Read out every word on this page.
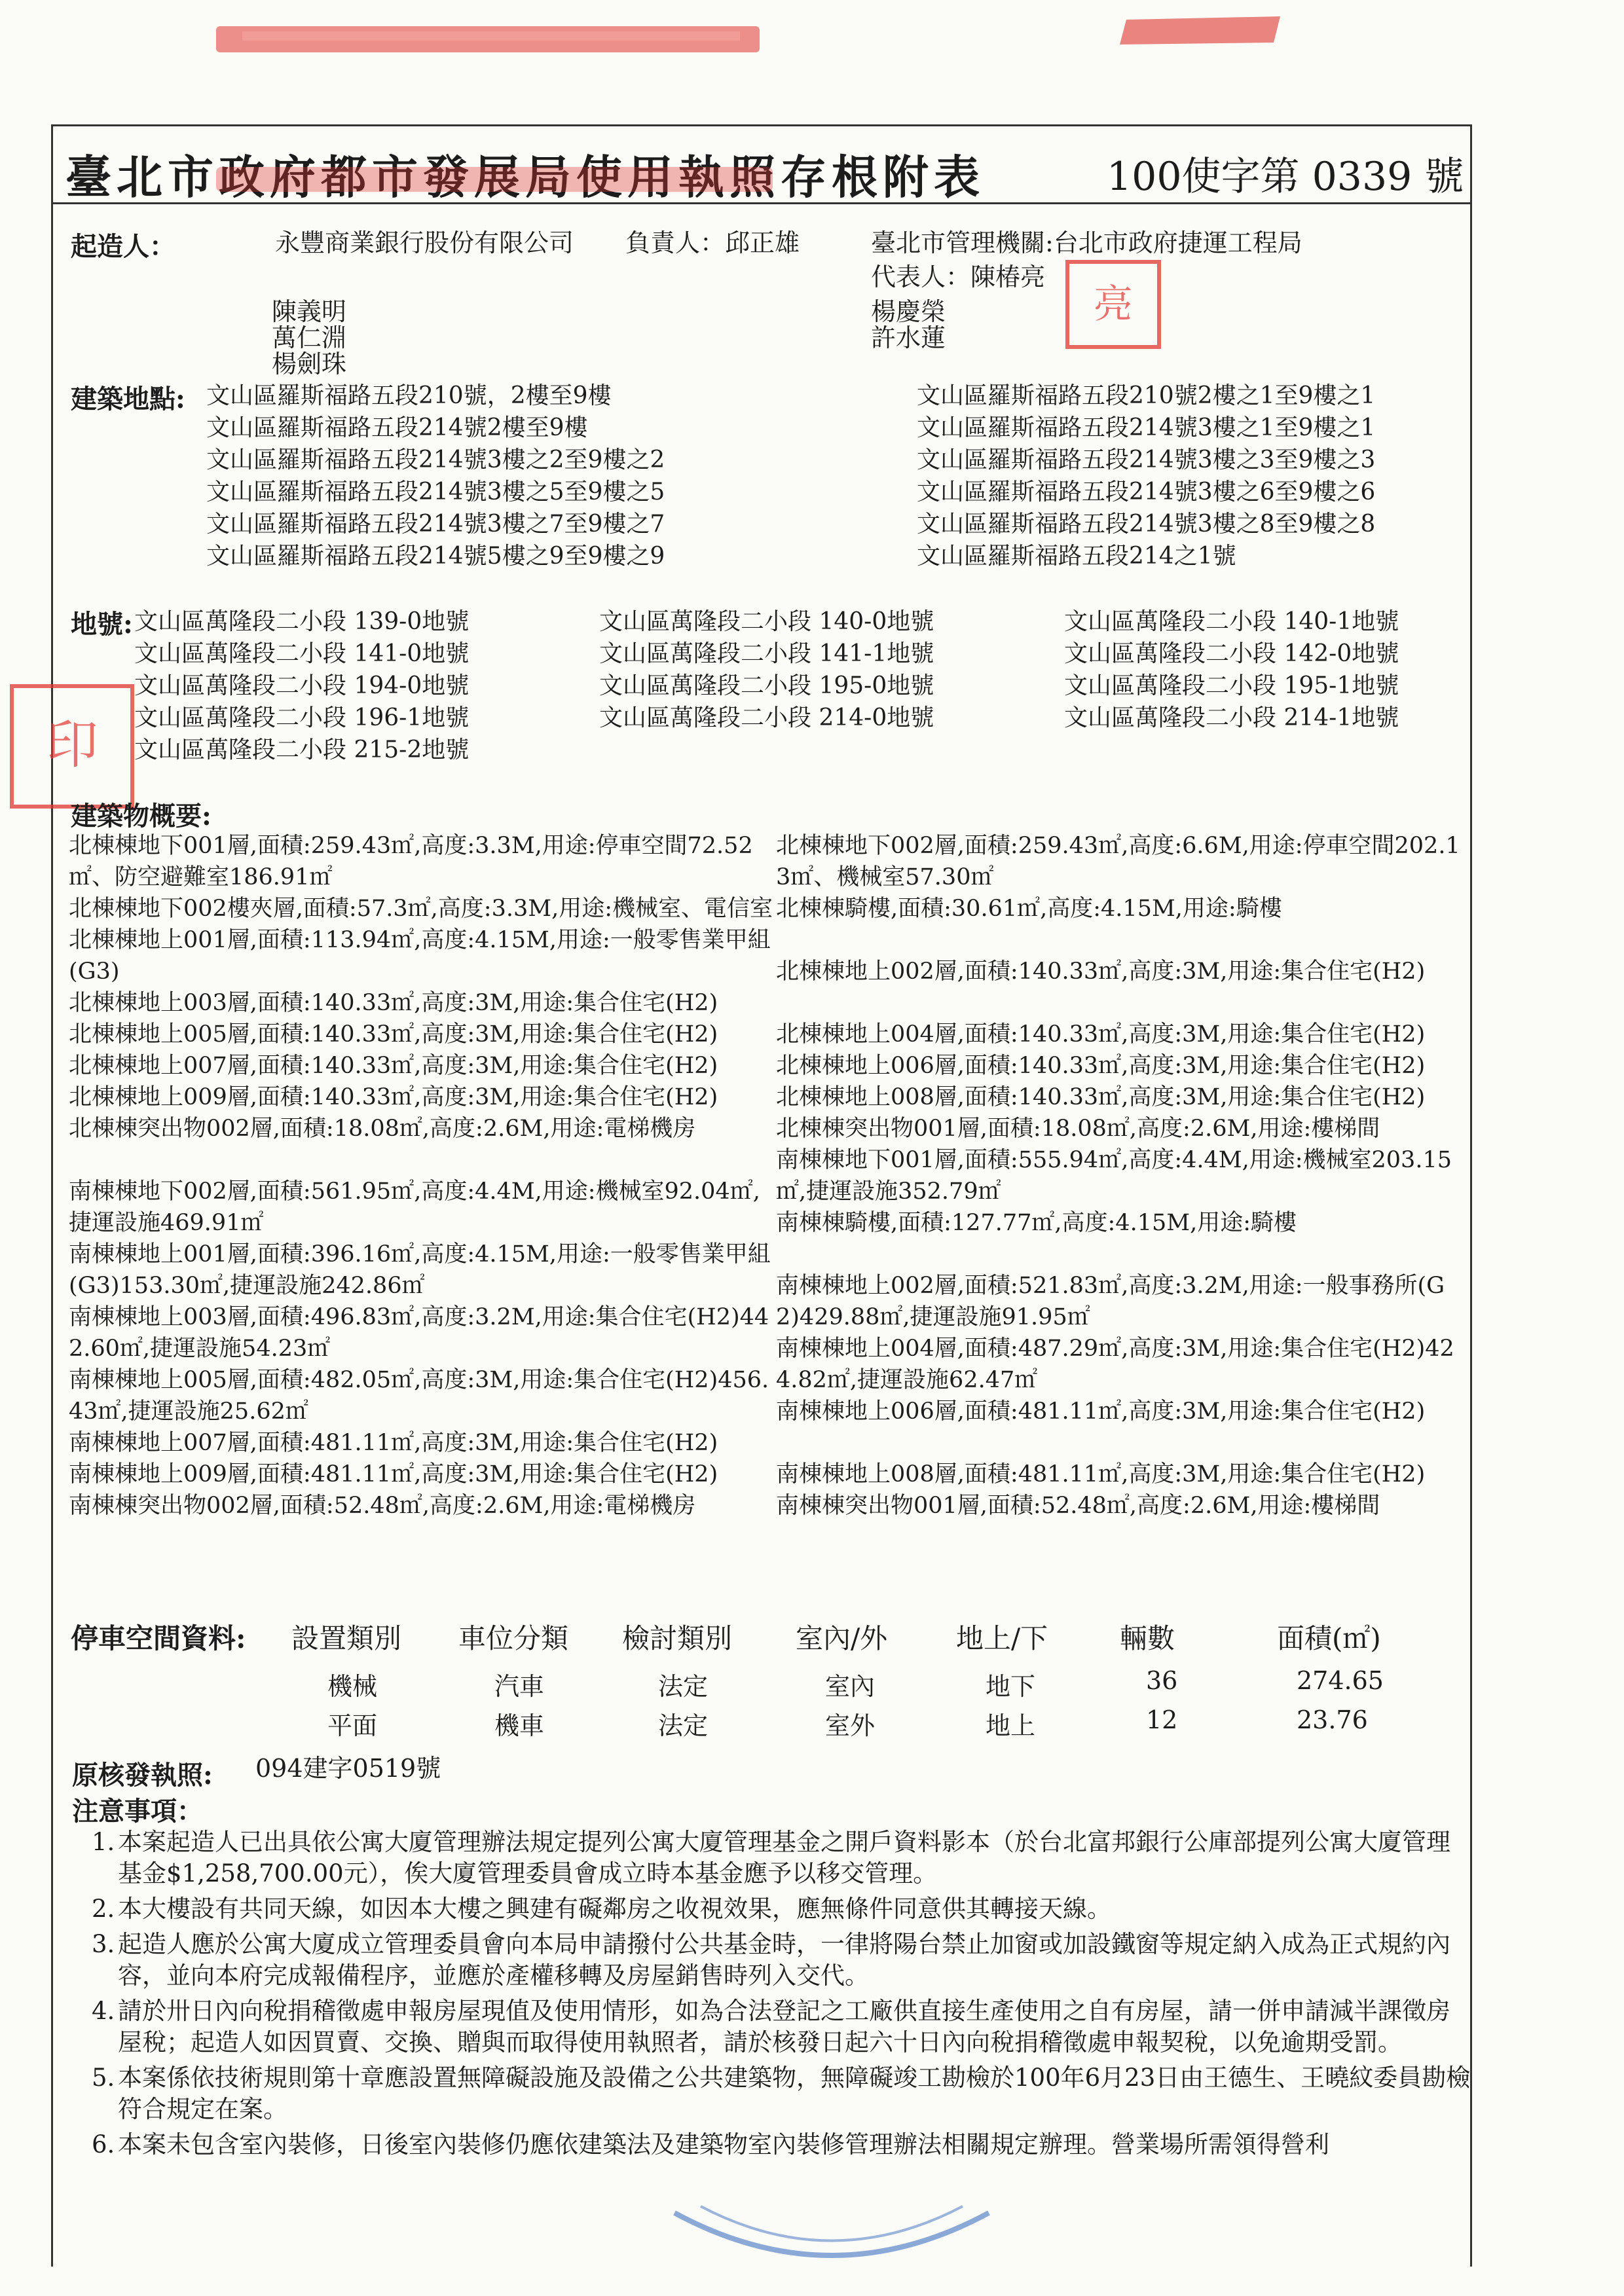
臺北市政府都市發展局使用執照存根附表	100使字第 0339 號
起造人：	永豐商業銀行股份有限公司 負責人：邱正雄	臺北市管理機關:台北市政府捷運工程局
代表人：陳椿亮
陳義明
萬仁淵
楊劍珠
楊慶榮
許水蓮
亮
建築地點: 文山區羅斯福路五段210號，2樓至9樓
文山區羅斯福路五段214號2樓至9樓
文山區羅斯福路五段214號3樓之2至9樓之2
文山區羅斯福路五段214號3樓之5至9樓之5
文山區羅斯福路五段214號3樓之7至9樓之7
文山區羅斯福路五段214號5樓之9至9樓之9
文山區羅斯福路五段210號2樓之1至9樓之1
文山區羅斯福路五段214號3樓之1至9樓之1
文山區羅斯福路五段214號3樓之3至9樓之3
文山區羅斯福路五段214號3樓之6至9樓之6
文山區羅斯福路五段214號3樓之8至9樓之8
文山區羅斯福路五段214之1號
地號: 文山區萬隆段二小段 139-0地號
文山區萬隆段二小段 141-0地號
文山區萬隆段二小段 194-0地號
文山區萬隆段二小段 196-1地號
文山區萬隆段二小段 215-2地號
文山區萬隆段二小段 140-0地號
文山區萬隆段二小段 141-1地號
文山區萬隆段二小段 195-0地號
文山區萬隆段二小段 214-0地號
文山區萬隆段二小段 140-1地號
文山區萬隆段二小段 142-0地號
文山區萬隆段二小段 195-1地號
文山區萬隆段二小段 214-1地號
印
建築物概要:
北棟棟地下001層,面積:259.43㎡,高度:3.3M,用途:停車空間72.52㎡、防空避難室186.91㎡
北棟棟地下002樓夾層,面積:57.3㎡,高度:3.3M,用途:機械室、電信室
北棟棟地上001層,面積:113.94㎡,高度:4.15M,用途:一般零售業甲組(G3)
北棟棟地上003層,面積:140.33㎡,高度:3M,用途:集合住宅(H2)
北棟棟地上005層,面積:140.33㎡,高度:3M,用途:集合住宅(H2)
北棟棟地上007層,面積:140.33㎡,高度:3M,用途:集合住宅(H2)
北棟棟地上009層,面積:140.33㎡,高度:3M,用途:集合住宅(H2)
北棟棟突出物002層,面積:18.08㎡,高度:2.6M,用途:電梯機房
南棟棟地下002層,面積:561.95㎡,高度:4.4M,用途:機械室92.04㎡,捷運設施469.91㎡
南棟棟地上001層,面積:396.16㎡,高度:4.15M,用途:一般零售業甲組(G3)153.30㎡,捷運設施242.86㎡
南棟棟地上003層,面積:496.83㎡,高度:3.2M,用途:集合住宅(H2)442.60㎡,捷運設施54.23㎡
南棟棟地上005層,面積:482.05㎡,高度:3M,用途:集合住宅(H2)456.43㎡,捷運設施25.62㎡
南棟棟地上007層,面積:481.11㎡,高度:3M,用途:集合住宅(H2)
南棟棟地上009層,面積:481.11㎡,高度:3M,用途:集合住宅(H2)
南棟棟突出物002層,面積:52.48㎡,高度:2.6M,用途:電梯機房
北棟棟地下002層,面積:259.43㎡,高度:6.6M,用途:停車空間202.13㎡、機械室57.30㎡
北棟棟騎樓,面積:30.61㎡,高度:4.15M,用途:騎樓
北棟棟地上002層,面積:140.33㎡,高度:3M,用途:集合住宅(H2)
北棟棟地上004層,面積:140.33㎡,高度:3M,用途:集合住宅(H2)
北棟棟地上006層,面積:140.33㎡,高度:3M,用途:集合住宅(H2)
北棟棟地上008層,面積:140.33㎡,高度:3M,用途:集合住宅(H2)
北棟棟突出物001層,面積:18.08㎡,高度:2.6M,用途:樓梯間
南棟棟地下001層,面積:555.94㎡,高度:4.4M,用途:機械室203.15㎡,捷運設施352.79㎡
南棟棟騎樓,面積:127.77㎡,高度:4.15M,用途:騎樓
南棟棟地上002層,面積:521.83㎡,高度:3.2M,用途:一般事務所(G2)429.88㎡,捷運設施91.95㎡
南棟棟地上004層,面積:487.29㎡,高度:3M,用途:集合住宅(H2)424.82㎡,捷運設施62.47㎡
南棟棟地上006層,面積:481.11㎡,高度:3M,用途:集合住宅(H2)
南棟棟地上008層,面積:481.11㎡,高度:3M,用途:集合住宅(H2)
南棟棟突出物001層,面積:52.48㎡,高度:2.6M,用途:樓梯間
停車空間資料: 設置類別 車位分類 檢討類別 室內/外 地上/下	輛數	面積(㎡)
機械	汽車	法定	室內	地下	36	274.65
平面	機車	法定	室外	地上	12	23.76
原核發執照: 094建字0519號
注意事項：
1. 本案起造人已出具依公寓大廈管理辦法規定提列公寓大廈管理基金之開戶資料影本（於台北富邦銀行公庫部提列公寓大廈管理基金$1,258,700.00元），俟大廈管理委員會成立時本基金應予以移交管理。
2. 本大樓設有共同天線，如因本大樓之興建有礙鄰房之收視效果，應無條件同意供其轉接天線。
3. 起造人應於公寓大廈成立管理委員會向本局申請撥付公共基金時，一律將陽台禁止加窗或加設鐵窗等規定納入成為正式規約內容，並向本府完成報備程序，並應於產權移轉及房屋銷售時列入交代。
4. 請於卅日內向稅捐稽徵處申報房屋現值及使用情形，如為合法登記之工廠供直接生產使用之自有房屋，請一併申請減半課徵房屋稅；起造人如因買賣、交換、贈與而取得使用執照者，請於核發日起六十日內向稅捐稽徵處申報契稅，以免逾期受罰。
5. 本案係依技術規則第十章應設置無障礙設施及設備之公共建築物，無障礙竣工勘檢於100年6月23日由王德生、王曉紋委員勘檢符合規定在案。
6. 本案未包含室內裝修，日後室內裝修仍應依建築法及建築物室內裝修管理辦法相關規定辦理。營業場所需領得營利
